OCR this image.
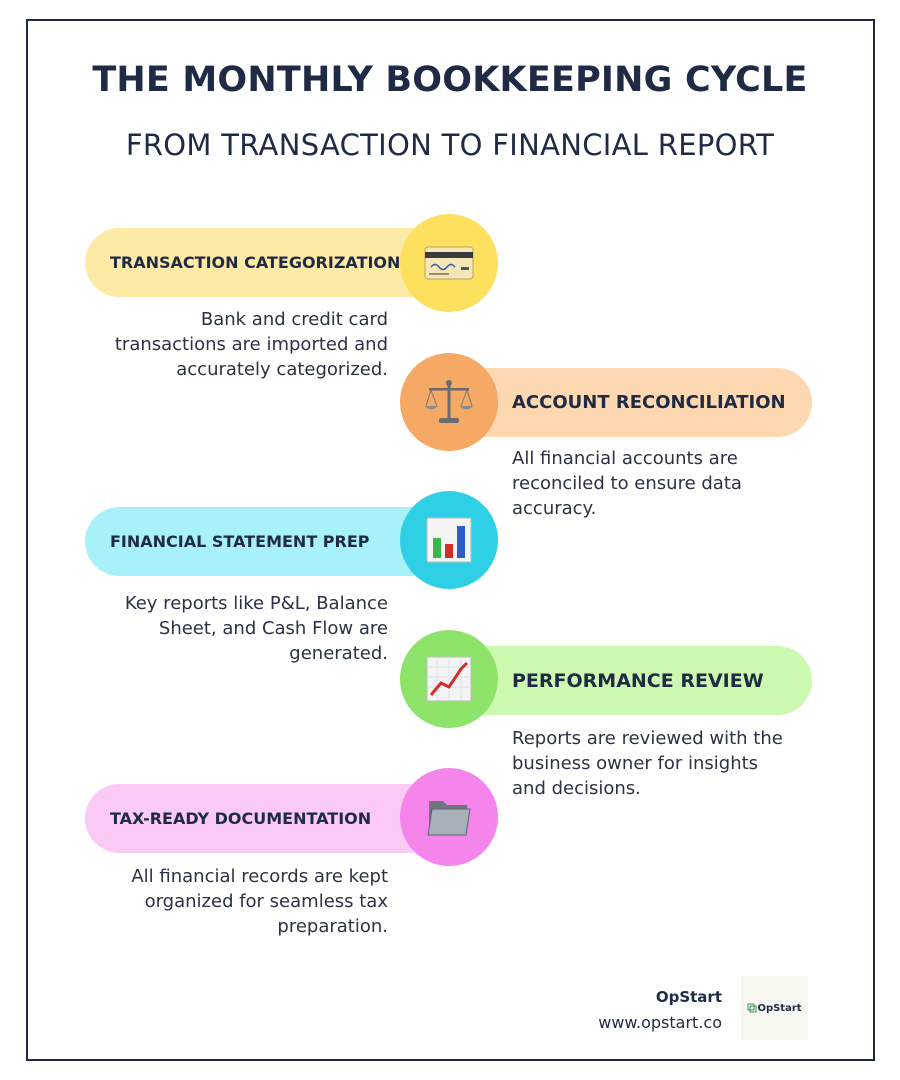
THE MONTHLY BOOKKEEPING CYCLE
FROM TRANSACTION TO FINANCIAL REPORT
TRANSACTION CATEGORIZATION
Bank and credit card transactions are imported and accurately categorized.
ACCOUNT RECONCILIATION
All financial accounts are reconciled to ensure data accuracy.
FINANCIAL STATEMENT PREP
Key reports like P&L, Balance Sheet, and Cash Flow are generated.
PERFORMANCE REVIEW
Reports are reviewed with the business owner for insights and decisions.
TAX-READY DOCUMENTATION
All financial records are kept organized for seamless tax preparation.
OpStart
www.opstart.co
OpStart
